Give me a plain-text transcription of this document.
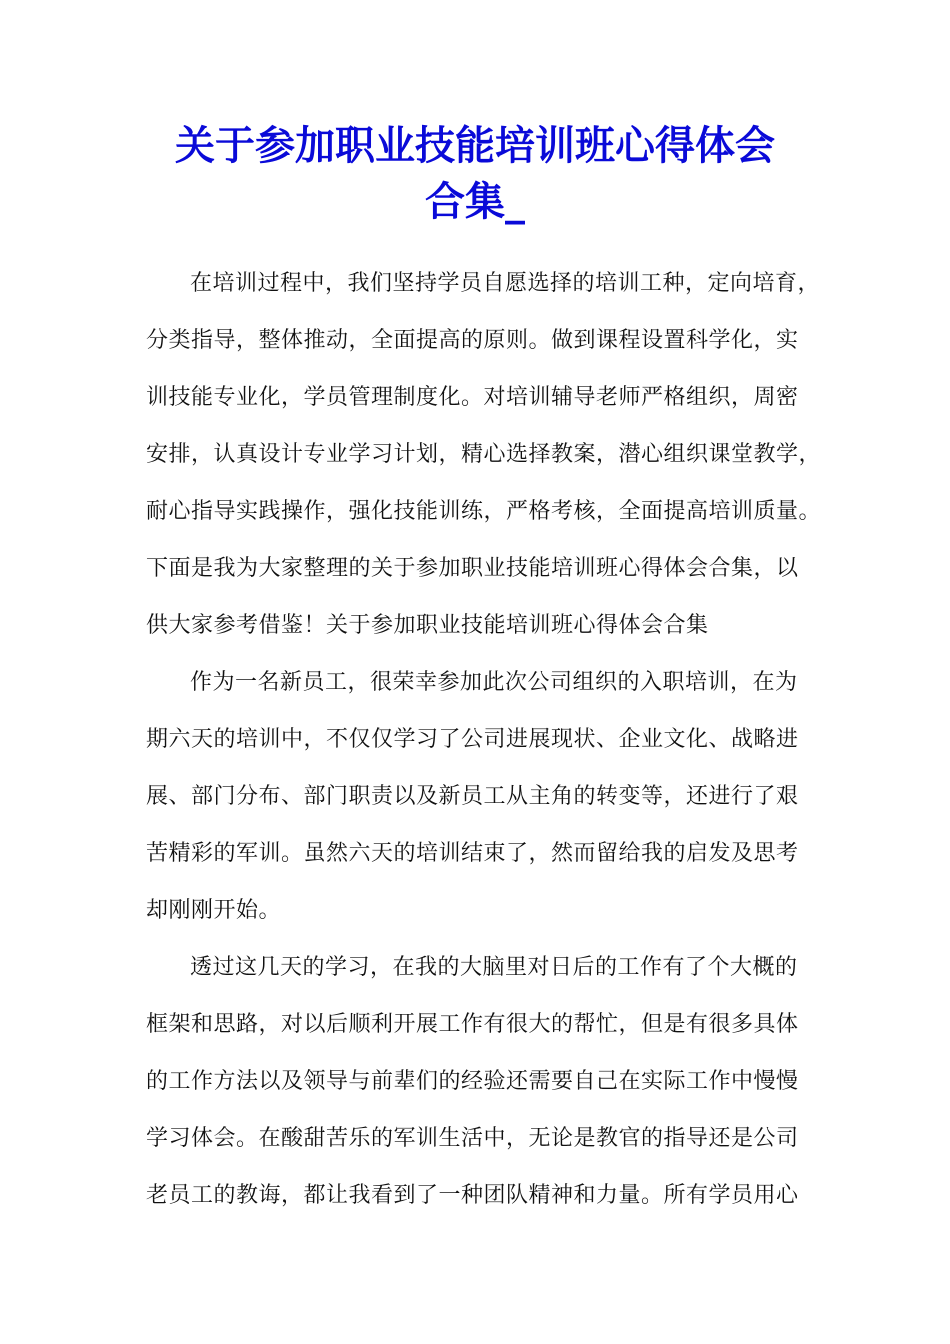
关于参加职业技能培训班心得体会
合集_

在培训过程中，我们坚持学员自愿选择的培训工种，定向培育，
分类指导，整体推动，全面提高的原则。做到课程设置科学化，实
训技能专业化，学员管理制度化。对培训辅导老师严格组织，周密
安排，认真设计专业学习计划，精心选择教案，潜心组织课堂教学，
耐心指导实践操作，强化技能训练，严格考核，全面提高培训质量。
下面是我为大家整理的关于参加职业技能培训班心得体会合集，以
供大家参考借鉴！关于参加职业技能培训班心得体会合集

作为一名新员工，很荣幸参加此次公司组织的入职培训，在为
期六天的培训中，不仅仅学习了公司进展现状、企业文化、战略进
展、部门分布、部门职责以及新员工从主角的转变等，还进行了艰
苦精彩的军训。虽然六天的培训结束了，然而留给我的启发及思考
却刚刚开始。

透过这几天的学习，在我的大脑里对日后的工作有了个大概的
框架和思路，对以后顺利开展工作有很大的帮忙，但是有很多具体
的工作方法以及领导与前辈们的经验还需要自己在实际工作中慢慢
学习体会。在酸甜苦乐的军训生活中，无论是教官的指导还是公司
老员工的教诲，都让我看到了一种团队精神和力量。所有学员用心
